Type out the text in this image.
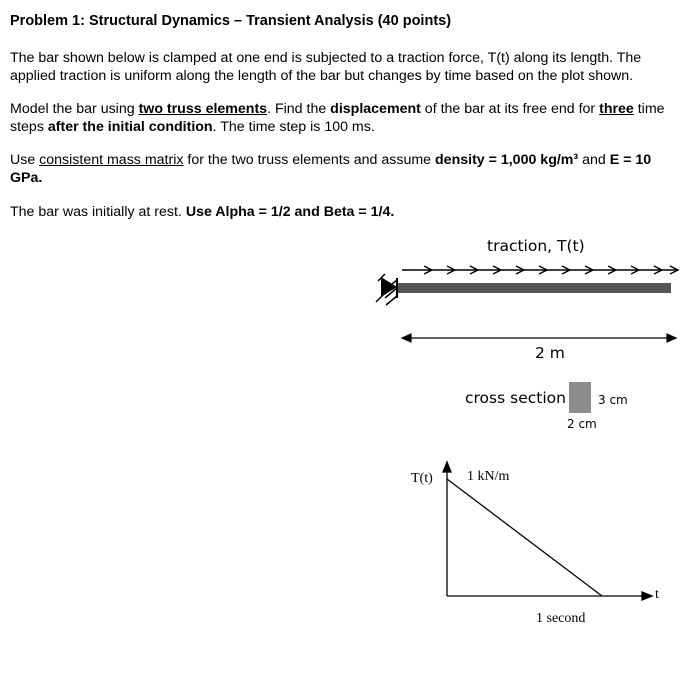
Problem 1: Structural Dynamics – Transient Analysis (40 points)
The bar shown below is clamped at one end is subjected to a traction force, T(t) along its length. The applied traction is uniform along the length of the bar but changes by time based on the plot shown.
Model the bar using two truss elements. Find the displacement of the bar at its free end for three time steps after the initial condition. The time step is 100 ms.
Use consistent mass matrix for the two truss elements and assume density = 1,000 kg/m³ and E = 10 GPa.
The bar was initially at rest. Use Alpha = 1/2 and Beta = 1/4.
traction, T(t)
2 m
cross section	3 cm
2 cm
T(t) 1 kN/m
t
1 second
